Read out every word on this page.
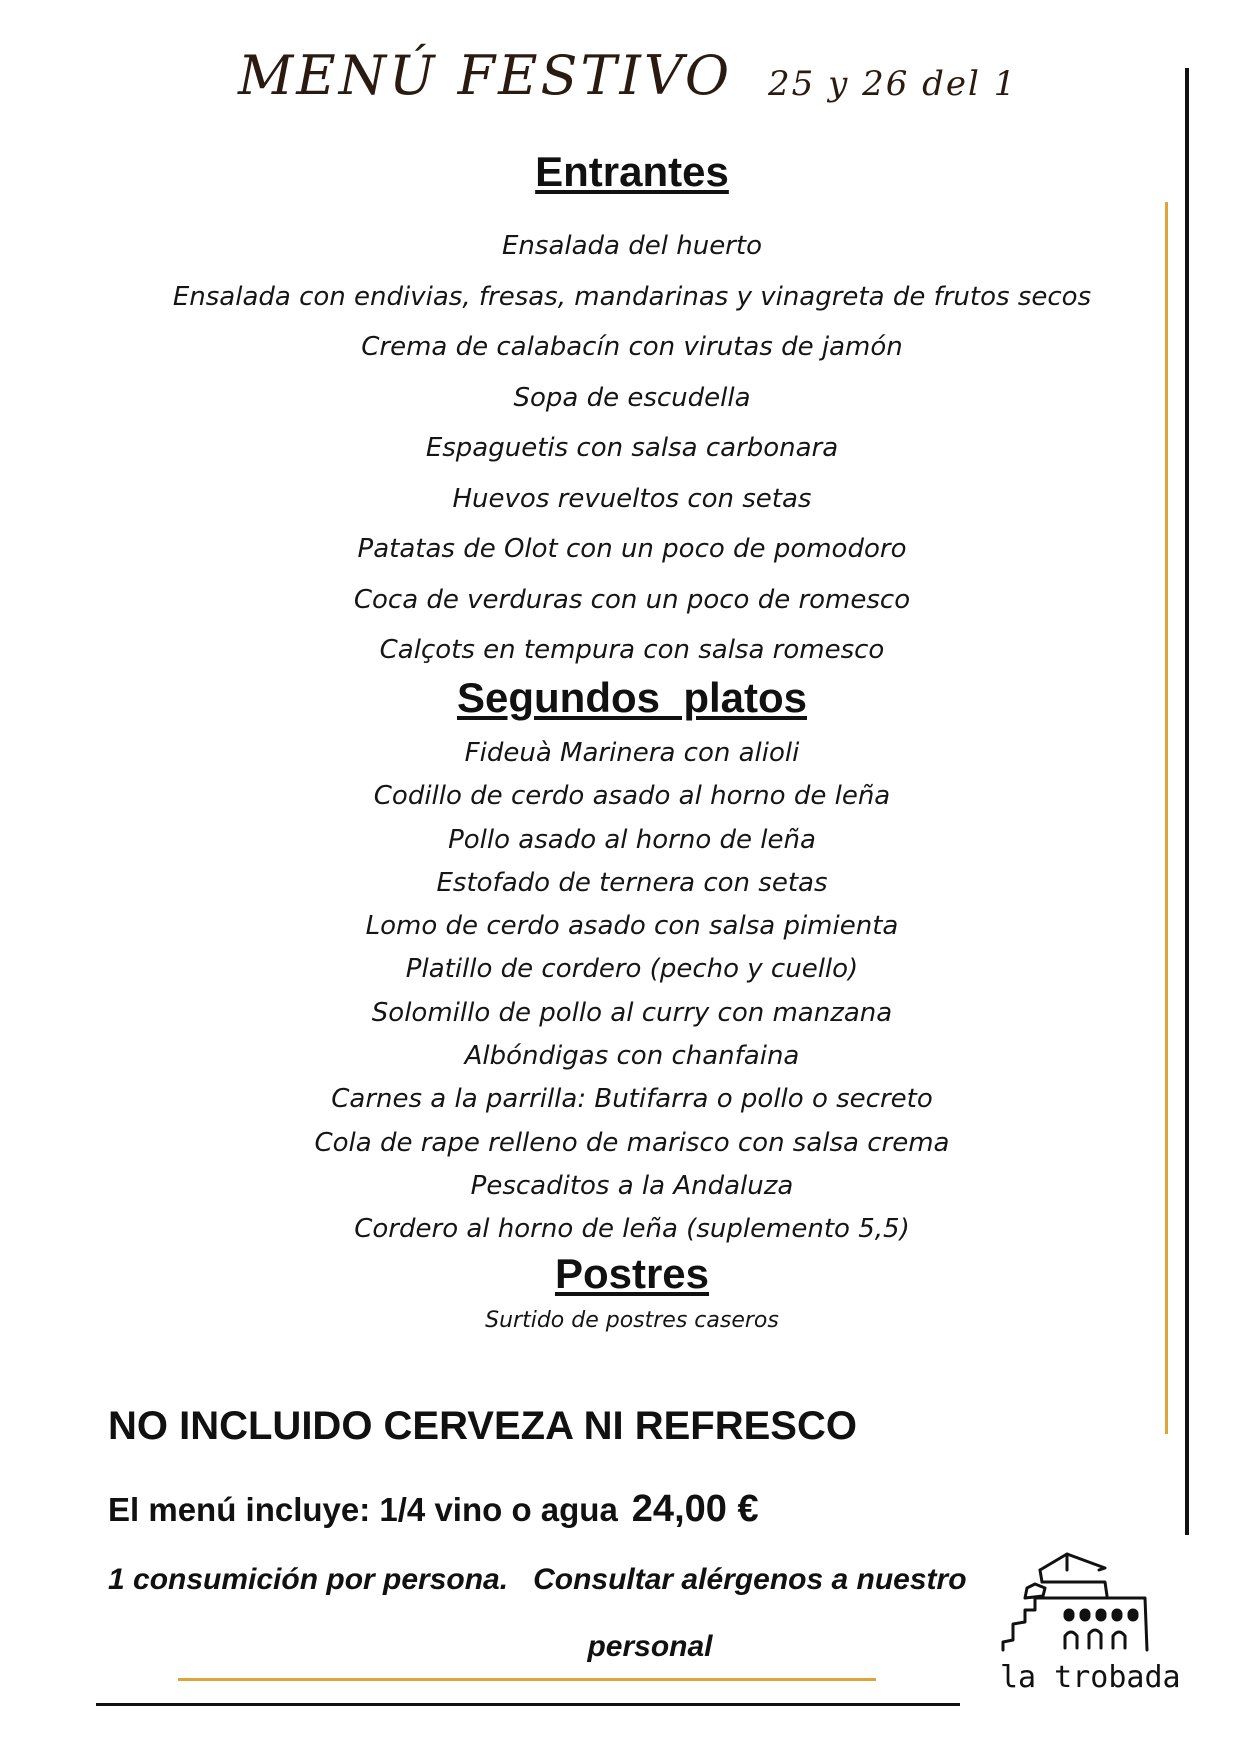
MENÚ FESTIVO 25 y 26 del 1
Entrantes
Ensalada del huerto
Ensalada con endivias, fresas, mandarinas y vinagreta de frutos secos
Crema de calabacín con virutas de jamón
Sopa de escudella
Espaguetis con salsa carbonara
Huevos revueltos con setas
Patatas de Olot con un poco de pomodoro
Coca de verduras con un poco de romesco
Calçots en tempura con salsa romesco
Segundos  platos
Fideuà Marinera con alioli
Codillo de cerdo asado al horno de leña
Pollo asado al horno de leña
Estofado de ternera con setas
Lomo de cerdo asado con salsa pimienta
Platillo de cordero (pecho y cuello)
Solomillo de pollo al curry con manzana
Albóndigas con chanfaina
Carnes a la parrilla: Butifarra o pollo o secreto
Cola de rape relleno de marisco con salsa crema
Pescaditos a la Andaluza
Cordero al horno de leña (suplemento 5,5)
Postres
Surtido de postres caseros
NO INCLUIDO CERVEZA NI REFRESCO
El menú incluye: 1/4 vino o agua 24,00 €
1 consumición por persona.   Consultar alérgenos a nuestro
personal
la trobada
